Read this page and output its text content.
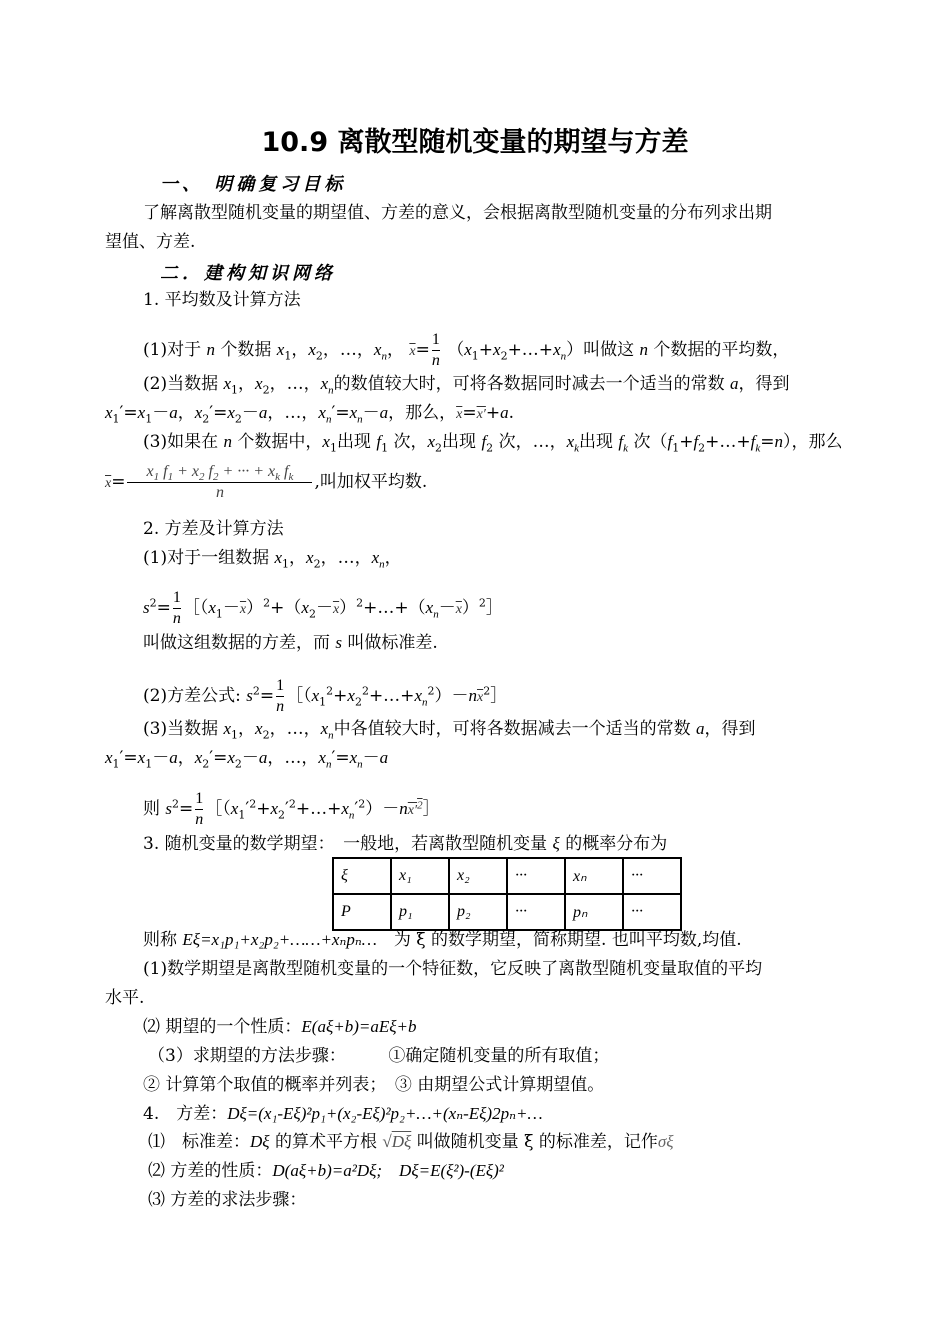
10.9 离散型随机变量的期望与方差
一、 明确复习目标
了解离散型随机变量的期望值、方差的意义，会根据离散型随机变量的分布列求出期
望值、方差.
二．建构知识网络
1. 平均数及计算方法
(1)对于 n 个数据 $x_1$，$x_2$，…，$x_n$， $\overline{x}= \frac{1}{n}$ $(x_1+x_2+\dots+x_n)$叫做这 n 个数据的平均数，
(2)当数据 $x_1$，$x_2$，…，$x_n$的数值较大时，可将各数据同时减去一个适当的常数 a，得到
$x_1'=x_1-a$，$x_2'=x_2-a$，…，$x_n'=x_n-a$，那么，$\overline{x}=x'+a$.
(3)如果在 n 个数据中，$x_1$出现 $f_1$ 次，$x_2$出现 $f_2$ 次，…，$x_k$出现 $f_k$ 次$(f_1+f_2+\dots+f_k=n)$，那么
$\overline{x}= \frac{x_1 f_1 + x_2 f_2 + \cdot\cdot\cdot + x_k f_k}{n}$ ,叫加权平均数.
2. 方差及计算方法
(1)对于一组数据 $x_1$，$x_2$，…，$x_n$，
$s^2= \frac{1}{n}$ $[(x_1-\overline{x})^2+(x_2-\overline{x})^2+\dots+(x_n-\overline{x})^2]$
叫做这组数据的方差，而 s 叫做标准差.
(2)方差公式: $s^2= \frac{1}{n}$ $[(x_1^2+x_2^2+\dots+x_n^2)-n\overline{x}^2]$
(3)当数据 $x_1$，$x_2$，…，$x_n$中各值较大时，可将各数据减去一个适当的常数 a，得到
$x_1'=x_1-a$，$x_2'=x_2-a$，…，$x_n'=x_n-a$
则 $s^2= \frac{1}{n}$ $[(x_1'^2+x_2'^2+\dots+x_n'^2)-nx'^2]$
3. 随机变量的数学期望：　 一般地，若离散型随机变量 ξ 的概率分布为
ξ	x₁	x₂	···	xₙ	···
P	p₁	p₂	···	pₙ	···
则称 Eξ=x₁p₁+x₂p₂+……+xₙpₙ…　 为 ξ 的数学期望，简称期望. 也叫平均数,均值.
(1)数学期望是离散型随机变量的一个特征数，它反映了离散型随机变量取值的平均
水平.
⑵ 期望的一个性质：E(aξ+b)=aEξ+b
（3）求期望的方法步骤：　　　	①确定随机变量的所有取值；
② 计算第个取值的概率并列表；　 ③ 由期望公式计算期望值。
4.　方差：Dξ=(x₁-Eξ)²p₁+(x₂-Eξ)²p₂+…+(xₙ-Eξ)2pₙ+…
⑴　标准差：Dξ 的算术平方根 √Dξ 叫做随机变量 ξ 的标准差，记作σξ
⑵ 方差的性质：D(aξ+b)=a²Dξ;　Dξ=E(ξ²)-(Eξ)²
⑶ 方差的求法步骤：
